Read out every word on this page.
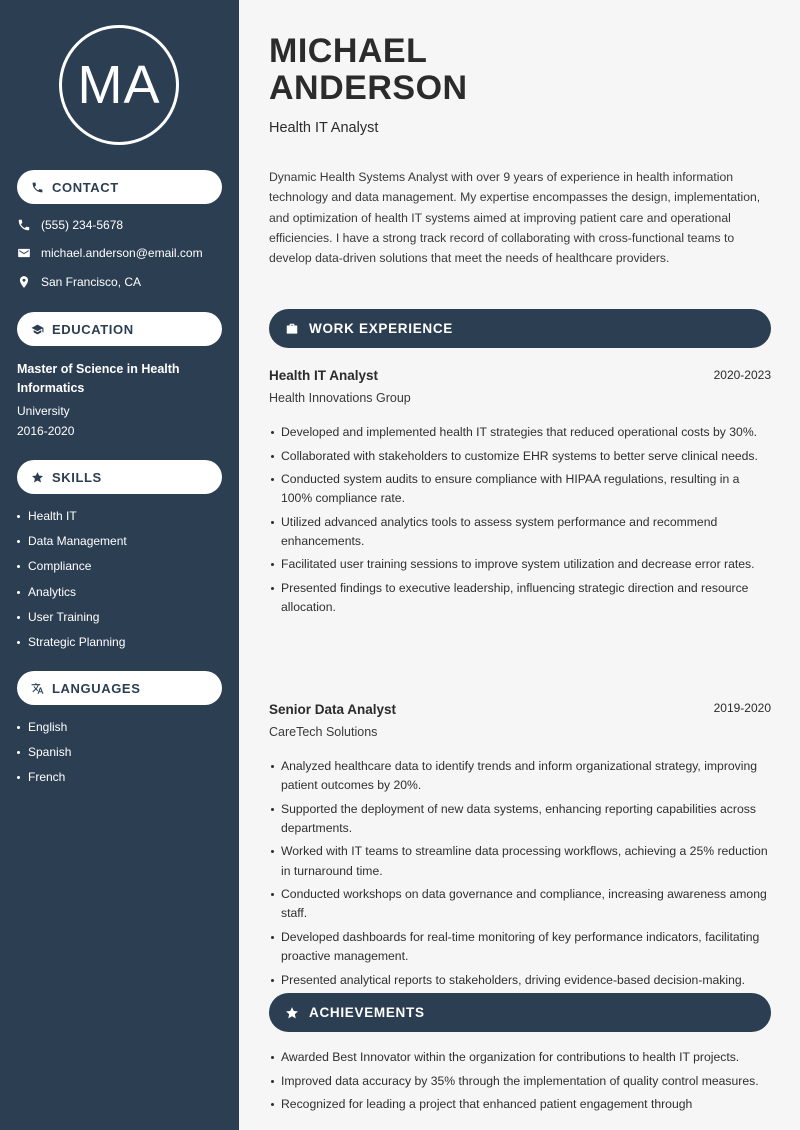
MA
CONTACT
(555) 234-5678
michael.anderson@email.com
San Francisco, CA
EDUCATION
Master of Science in Health Informatics
University
2016-2020
SKILLS
Health IT
Data Management
Compliance
Analytics
User Training
Strategic Planning
LANGUAGES
English
Spanish
French
MICHAEL
ANDERSON
Health IT Analyst
Dynamic Health Systems Analyst with over 9 years of experience in health information technology and data management. My expertise encompasses the design, implementation, and optimization of health IT systems aimed at improving patient care and operational efficiencies. I have a strong track record of collaborating with cross-functional teams to develop data-driven solutions that meet the needs of healthcare providers.
WORK EXPERIENCE
Health IT Analyst	2020-2023
Health Innovations Group
Developed and implemented health IT strategies that reduced operational costs by 30%.
Collaborated with stakeholders to customize EHR systems to better serve clinical needs.
Conducted system audits to ensure compliance with HIPAA regulations, resulting in a 100% compliance rate.
Utilized advanced analytics tools to assess system performance and recommend enhancements.
Facilitated user training sessions to improve system utilization and decrease error rates.
Presented findings to executive leadership, influencing strategic direction and resource allocation.
Senior Data Analyst	2019-2020
CareTech Solutions
Analyzed healthcare data to identify trends and inform organizational strategy, improving patient outcomes by 20%.
Supported the deployment of new data systems, enhancing reporting capabilities across departments.
Worked with IT teams to streamline data processing workflows, achieving a 25% reduction in turnaround time.
Conducted workshops on data governance and compliance, increasing awareness among staff.
Developed dashboards for real-time monitoring of key performance indicators, facilitating proactive management.
Presented analytical reports to stakeholders, driving evidence-based decision-making.
ACHIEVEMENTS
Awarded Best Innovator within the organization for contributions to health IT projects.
Improved data accuracy by 35% through the implementation of quality control measures.
Recognized for leading a project that enhanced patient engagement through
